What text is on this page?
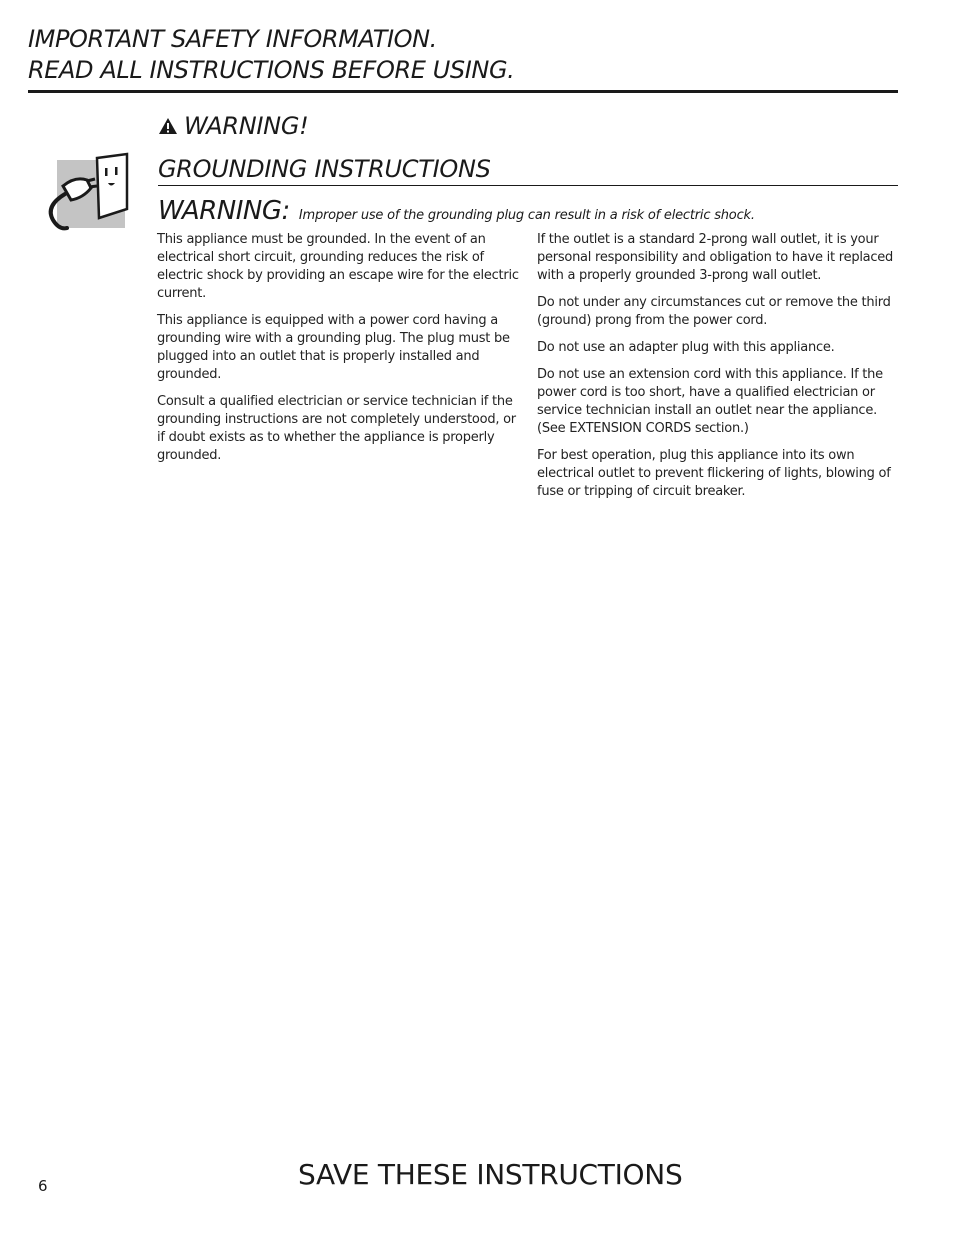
IMPORTANT SAFETY INFORMATION.
READ ALL INSTRUCTIONS BEFORE USING.
WARNING!
GROUNDING INSTRUCTIONS
WARNING: Improper use of the grounding plug can result in a risk of electric shock.

This appliance must be grounded. In the event of an electrical short circuit, grounding reduces the risk of electric shock by providing an escape wire for the electric current.

This appliance is equipped with a power cord having a grounding wire with a grounding plug. The plug must be plugged into an outlet that is properly installed and grounded.

Consult a qualified electrician or service technician if the grounding instructions are not completely understood, or if doubt exists as to whether the appliance is properly grounded.

If the outlet is a standard 2-prong wall outlet, it is your personal responsibility and obligation to have it replaced with a properly grounded 3-prong wall outlet.

Do not under any circumstances cut or remove the third (ground) prong from the power cord.

Do not use an adapter plug with this appliance.

Do not use an extension cord with this appliance. If the power cord is too short, have a qualified electrician or service technician install an outlet near the appliance. (See EXTENSION CORDS section.)

For best operation, plug this appliance into its own electrical outlet to prevent flickering of lights, blowing of fuse or tripping of circuit breaker.

6	SAVE THESE INSTRUCTIONS
